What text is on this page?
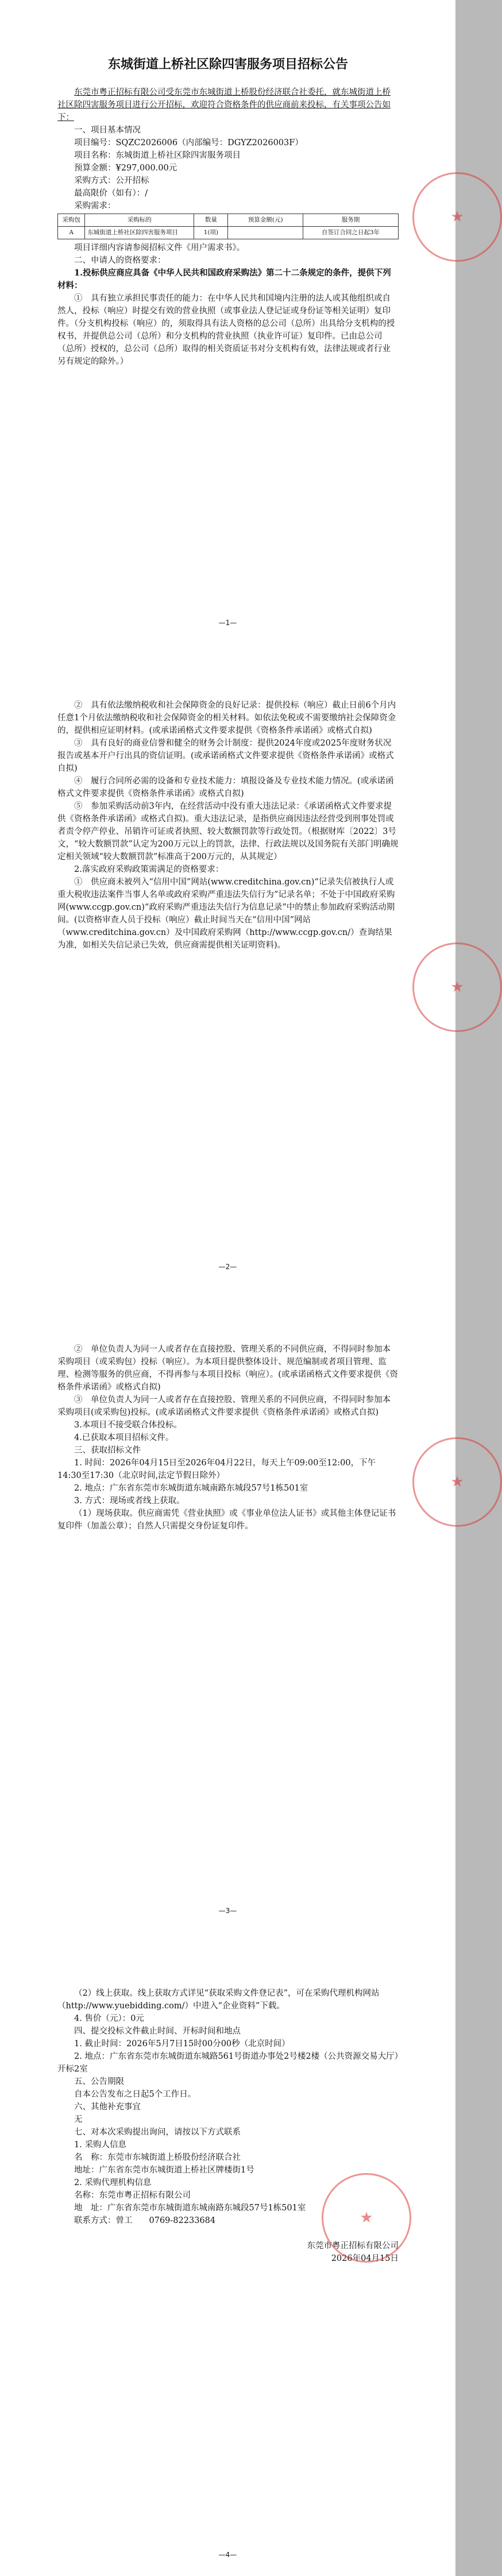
东城街道上桥社区除四害服务项目招标公告

东莞市粤正招标有限公司受东莞市东城街道上桥股份经济联合社委托，就东城街道上桥社区除四害服务项目进行公开招标，欢迎符合资格条件的供应商前来投标，有关事项公告如下：

一、项目基本情况

项目编号：SQZC2026006（内部编号：DGYZ2026003F）

项目名称：东城街道上桥社区除四害服务项目

预算金额：¥297,000.00元

采购方式：公开招标

最高限价（如有）：/

采购需求：

采购包	采购标的	数量	预算金额(元)	服务期
A	东城街道上桥社区除四害服务项目	1(项)		自签订合同之日起3年

项目详细内容请参阅招标文件《用户需求书》。

二、申请人的资格要求：

1.投标供应商应具备《中华人民共和国政府采购法》第二十二条规定的条件，提供下列材料：

①　具有独立承担民事责任的能力：在中华人民共和国境内注册的法人或其他组织或自然人，投标（响应）时提交有效的营业执照（或事业法人登记证或身份证等相关证明）复印件。（分支机构投标（响应）的，须取得具有法人资格的总公司（总所）出具给分支机构的授权书，并提供总公司（总所）和分支机构的营业执照（执业许可证）复印件。已由总公司（总所）授权的，总公司（总所）取得的相关资质证书对分支机构有效，法律法规或者行业另有规定的除外。）

★
—1—

②　具有依法缴纳税收和社会保障资金的良好记录：提供投标（响应）截止日前6个月内任意1个月依法缴纳税收和社会保障资金的相关材料。如依法免税或不需要缴纳社会保障资金的，提供相应证明材料。(或承诺函格式文件要求提供《资格条件承诺函》或格式自拟)

③　具有良好的商业信誉和健全的财务会计制度：提供2024年度或2025年度财务状况报告或基本开户行出具的资信证明。(或承诺函格式文件要求提供《资格条件承诺函》或格式自拟)

④　履行合同所必需的设备和专业技术能力：填报设备及专业技术能力情况。(或承诺函格式文件要求提供《资格条件承诺函》或格式自拟)

⑤　参加采购活动前3年内，在经营活动中没有重大违法记录：《承诺函格式文件要求提供《资格条件承诺函》或格式自拟)。重大违法记录，是指供应商因违法经营受到刑事处罚或者责令停产停业、吊销许可证或者执照、较大数额罚款等行政处罚。（根据财库〔2022〕3号文，“较大数额罚款”认定为200万元以上的罚款，法律、行政法规以及国务院有关部门明确规定相关领域“较大数额罚款”标准高于200万元的，从其规定）

2.落实政府采购政策需满足的资格要求：

①　供应商未被列入“信用中国”网站(www.creditchina.gov.cn)“记录失信被执行人或重大税收违法案件当事人名单或政府采购严重违法失信行为”记录名单；不处于中国政府采购网(www.ccgp.gov.cn)“政府采购严重违法失信行为信息记录”中的禁止参加政府采购活动期间。(以资格审查人员于投标（响应）截止时间当天在“信用中国”网站（www.creditchina.gov.cn）及中国政府采购网（http://www.ccgp.gov.cn/）查询结果为准，如相关失信记录已失效，供应商需提供相关证明资料)。

★
—2—

②　单位负责人为同一人或者存在直接控股、管理关系的不同供应商，不得同时参加本采购项目（或采购包）投标（响应）。为本项目提供整体设计、规范编制或者项目管理、监理、检测等服务的供应商，不得再参与本项目投标（响应）。(或承诺函格式文件要求提供《资格条件承诺函》或格式自拟)

③　单位负责人为同一人或者存在直接控股、管理关系的不同供应商，不得同时参加本采购项目(或采购包)投标。(或承诺函格式文件要求提供《资格条件承诺函》或格式自拟)

3.本项目不接受联合体投标。

4.已获取本项目招标文件。

三、获取招标文件

1. 时间：2026年04月15日至2026年04月22日，每天上午09:00至12:00，下午14:30至17:30（北京时间,法定节假日除外）

2. 地点：广东省东莞市东城街道东城南路东城段57号1栋501室

3. 方式：现场或者线上获取。

（1）现场获取。供应商需凭《营业执照》或《事业单位法人证书》或其他主体登记证书复印件（加盖公章）；自然人只需提交身份证复印件。

★
—3—

（2）线上获取。线上获取方式详见“获取采购文件登记表”，可在采购代理机构网站（http://www.yuebidding.com/）中进入“企业资料”下载。

4. 售价（元）：0元

四、提交投标文件截止时间、开标时间和地点

1. 截止时间：2026年5月7日15时00分00秒（北京时间）

2. 地点：广东省东莞市东城街道东城路561号街道办事处2号楼2楼（公共资源交易大厅）开标2室

五、公告期限

自本公告发布之日起5个工作日。

六、其他补充事宜

无

七、对本次采购提出询问，请按以下方式联系

1. 采购人信息

名　称：东莞市东城街道上桥股份经济联合社

地址：广东省东莞市东城街道上桥社区牌楼街1号

2. 采购代理机构信息

名称：东莞市粤正招标有限公司

地　址：广东省东莞市东城街道东城南路东城段57号1栋501室

联系方式：曾工　　0769-82233684

东莞市粤正招标有限公司

2026年04月15日

★
—4—
